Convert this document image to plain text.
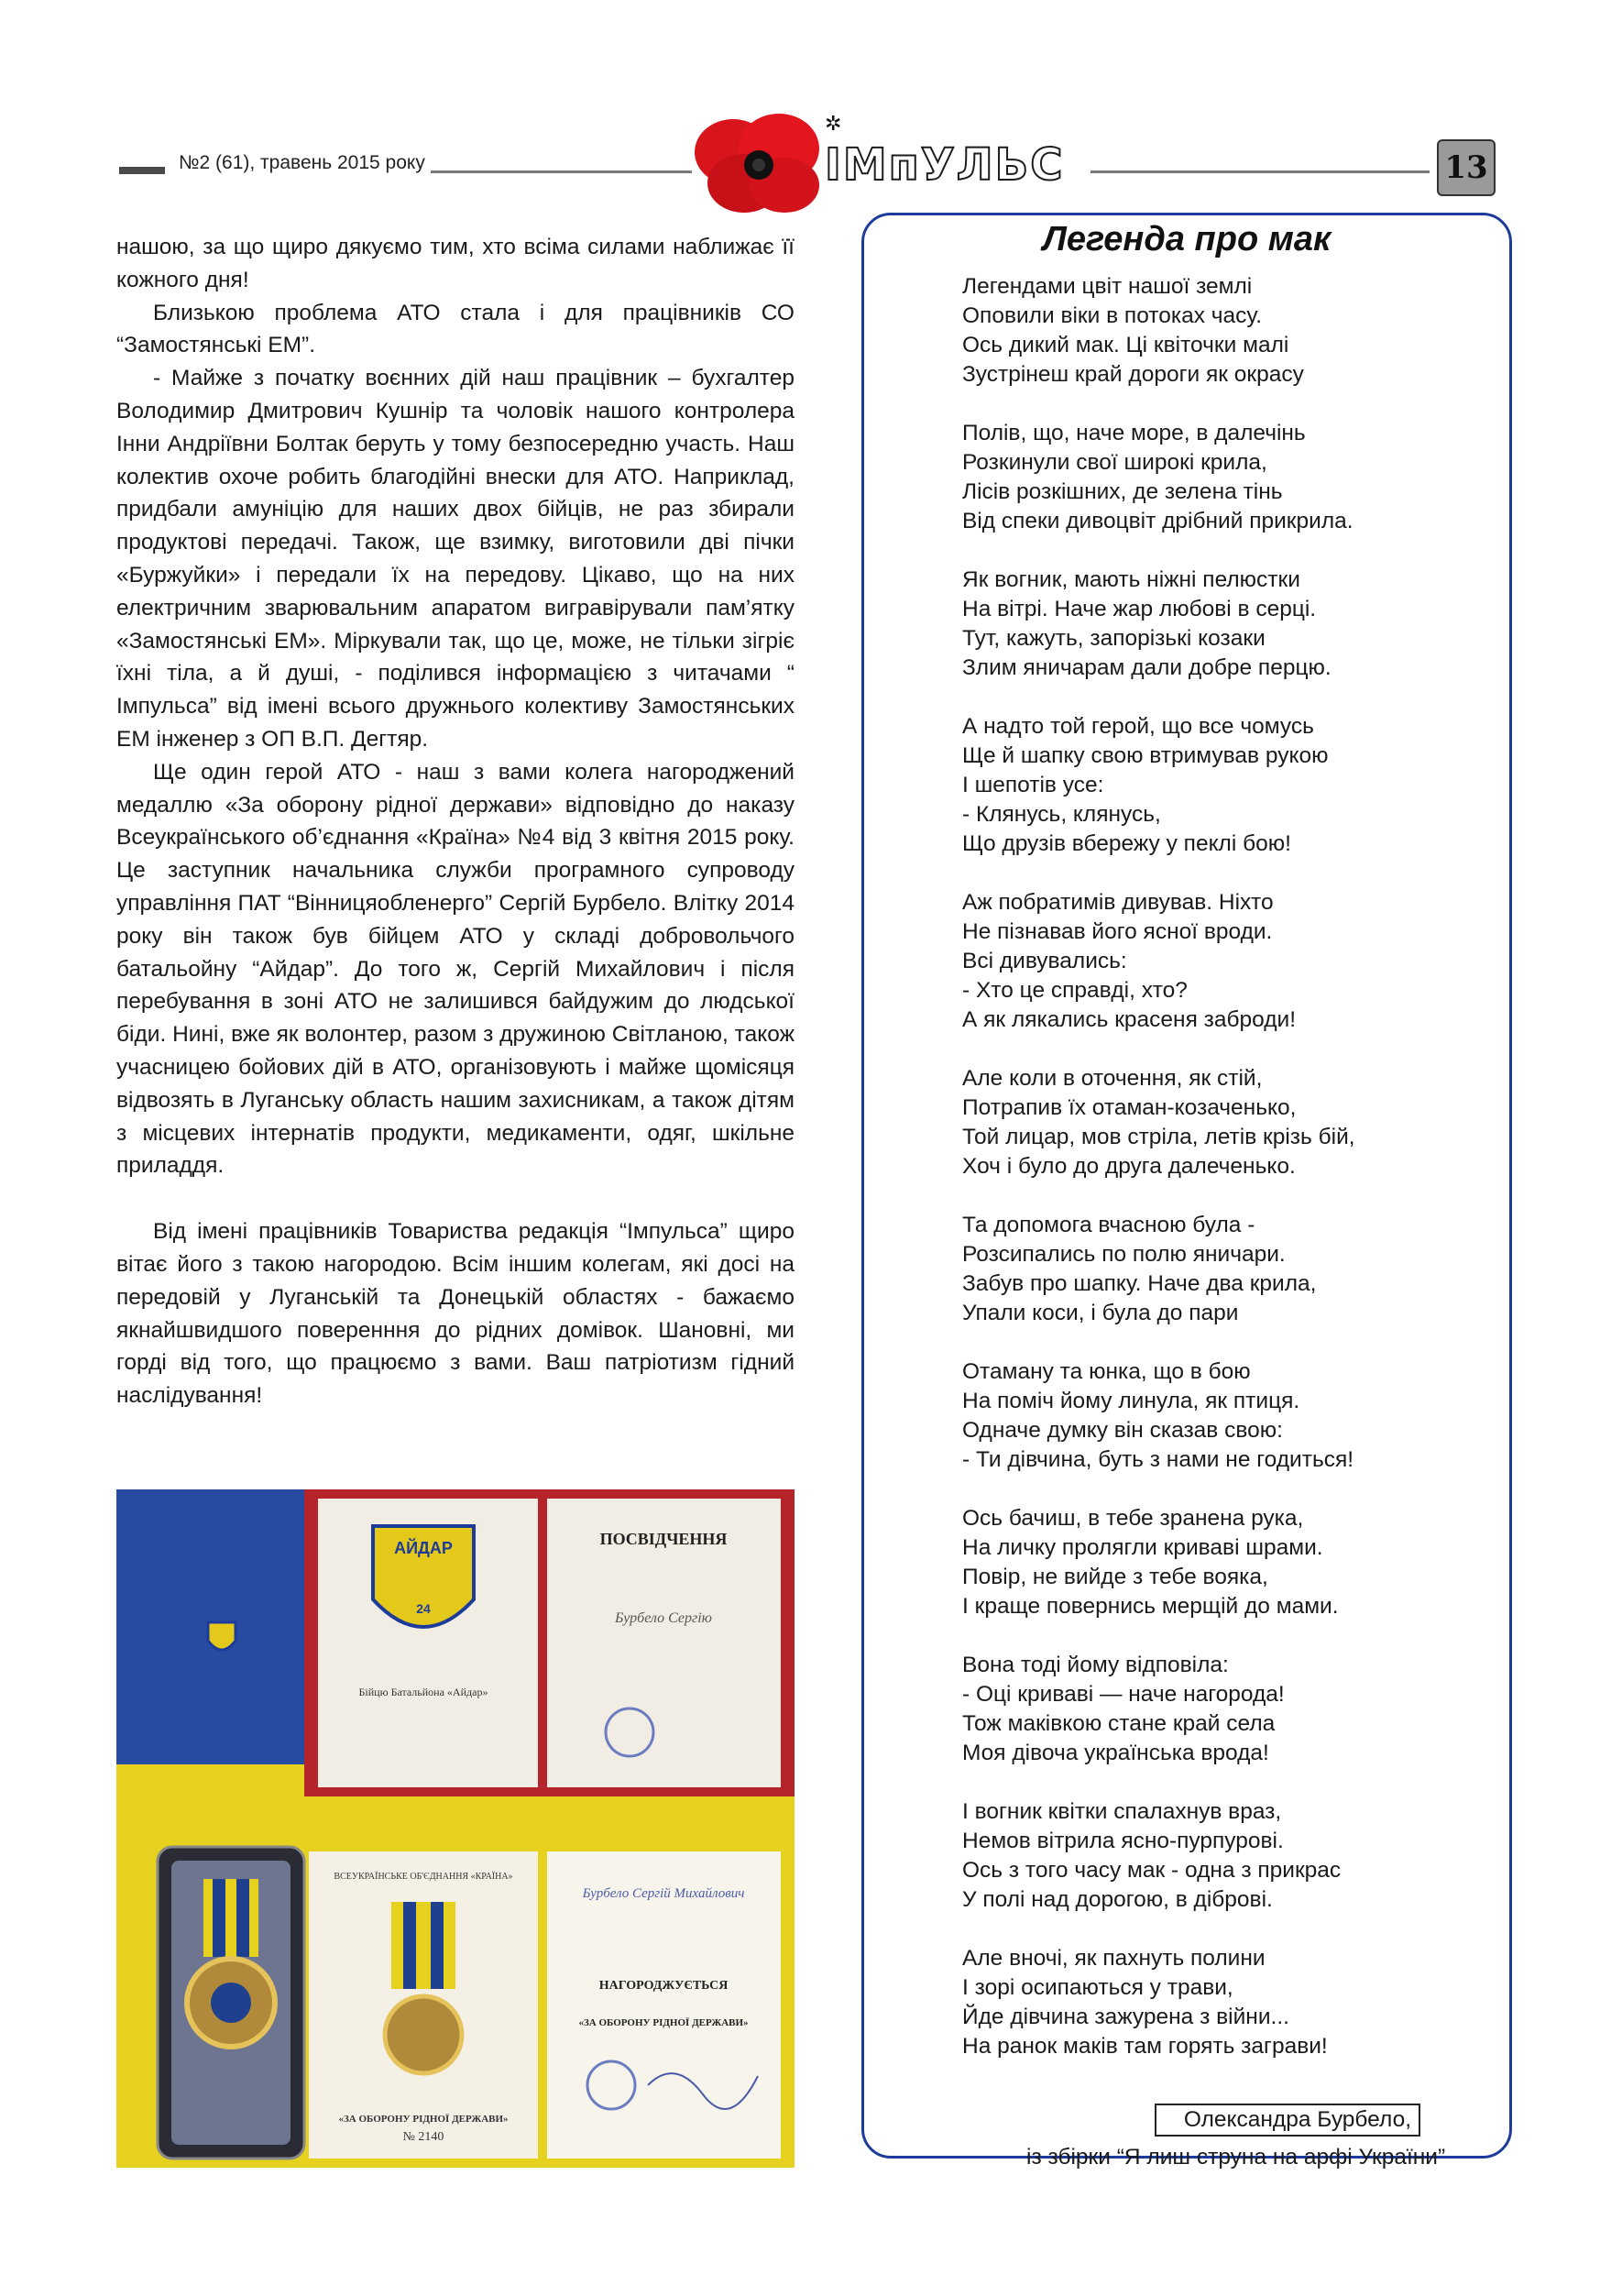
№2 (61), травень 2015 року
✲
ІМпУЛЬС	13

нашою, за що щиро дякуємо тим, хто всіма силами наближає її кожного дня!

Близькою проблема АТО стала і для працівників СО “Замостянські ЕМ”.

- Майже з початку воєнних дій наш працівник – бухгалтер Володимир Дмитрович Кушнір та чоловік нашого контролера Інни Андріївни Болтак беруть у тому безпосередню участь. Наш колектив охоче робить благодійні внески для АТО. Наприклад, придбали амуніцію для наших двох бійців, не раз збирали продуктові передачі. Також, ще взимку, виготовили дві пічки «Буржуйки» і передали їх на передову. Цікаво, що на них електричним зварювальним апаратом вигравірували пам’ятку «Замостянські ЕМ». Міркували так, що це, може, не тільки зігріє їхні тіла, а й душі, - поділився інформацією з читачами “ Імпульса” від імені всього дружнього колективу Замостянських ЕМ інженер з ОП В.П. Дегтяр.

Ще один герой АТО - наш з вами колега нагороджений медаллю «За оборону рідної держави» відповідно до наказу Всеукраїнського об’єднання «Країна» №4 від 3 квітня 2015 року. Це заступник начальника служби програмного супроводу управління ПАТ “Вінницяобленерго” Сергій Бурбело. Влітку 2014 року він також був бійцем АТО у складі добровольчого батальойну “Айдар”. До того ж, Сергій Михайлович і після перебування в зоні АТО не залишився байдужим до людської біди. Нині, вже як волонтер, разом з дружиною Світланою, також учасницею бойових дій в АТО, організовують і майже щомісяця відвозять в Луганську область нашим захисникам, а також дітям з місцевих інтернатів продукти, медикаменти, одяг, шкільне приладдя.

Від імені працівників Товариства редакція “Імпульса” щиро вітає його з такою нагородою. Всім іншим колегам, які досі на передовій у Луганській та Донецькій областях - бажаємо якнайшвидшого поверенння до рідних домівок. Шановні, ми горді від того, що працюємо з вами. Ваш патріотизм гідний наслідування!

АЙДАР
24
Бійцю Батальйона «Айдар»
ПОСВІДЧЕННЯ
Бурбело Сергію
ВСЕУКРАЇНСЬКЕ ОБ'ЄДНАННЯ «КРАЇНА»
«ЗА ОБОРОНУ РІДНОЇ ДЕРЖАВИ»
№ 2140
Бурбело Сергій Михайлович
НАГОРОДЖУЄТЬСЯ
«ЗА ОБОРОНУ РІДНОЇ ДЕРЖАВИ»
Легенда про мак
Легендами цвіт нашої землі
Оповили віки в потоках часу.
Ось дикий мак. Ці квіточки малі
Зустрінеш край дороги як окрасу
Полів, що, наче море, в далечінь
Розкинули свої широкі крила,
Лісів розкішних, де зелена тінь
Від спеки дивоцвіт дрібний прикрила.
Як вогник, мають ніжні пелюстки
На вітрі. Наче жар любові в серці.
Тут, кажуть, запорізькі козаки
Злим яничарам дали добре перцю.
А надто той герой, що все чомусь
Ще й шапку свою втримував рукою
І шепотів усе:
- Клянусь, клянусь,
Що друзів вбережу у пеклі бою!
Аж побратимів дивував. Ніхто
Не пізнавав його ясної вроди.
Всі дивувались:
- Хто це справді, хто?
А як лякались красеня заброди!
Але коли в оточення, як стій,
Потрапив їх отаман-козаченько,
Той лицар, мов стріла, летів крізь бій,
Хоч і було до друга далеченько.
Та допомога вчасною була -
Розсипались по полю яничари.
Забув про шапку. Наче два крила,
Упали коси, і була до пари
Отаману та юнка, що в бою
На поміч йому линула, як птиця.
Одначе думку він сказав свою:
- Ти дівчина, буть з нами не годиться!
Ось бачиш, в тебе зранена рука,
На личку пролягли криваві шрами.
Повір, не вийде з тебе вояка,
І краще повернись мерщій до мами.
Вона тоді йому відповіла:
- Оці криваві — наче нагорода!
Тож маківкою стане край села
Моя дівоча українська врода!
І вогник квітки спалахнув враз,
Немов вітрила ясно-пурпурові.
Ось з того часу мак - одна з прикрас
У полі над дорогою, в діброві.
Але вночі, як пахнуть полини
І зорі осипаються у трави,
Йде дівчина зажурена з війни...
На ранок маків там горять заграви!
Олександра Бурбело,
із збірки “Я лиш струна на арфі України”
